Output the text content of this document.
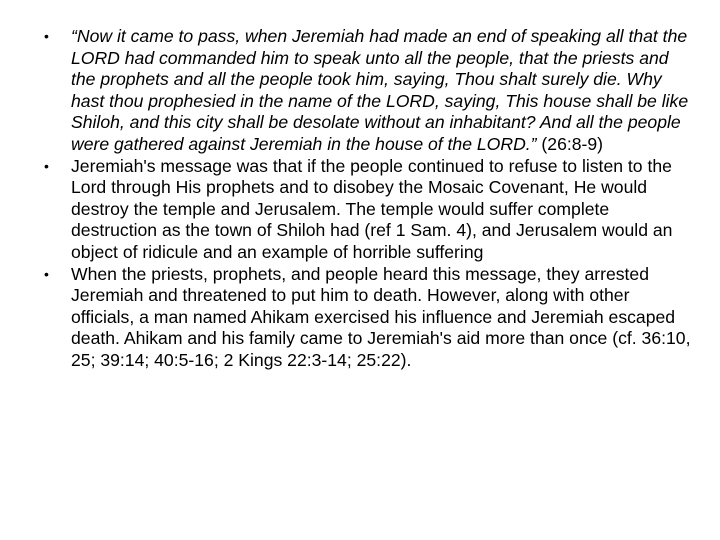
• “Now it came to pass, when Jeremiah had made an end of speaking all that the LORD had commanded him to speak unto all the people, that the priests and the prophets and all the people took him, saying, Thou shalt surely die. Why hast thou prophesied in the name of the LORD, saying, This house shall be like Shiloh, and this city shall be desolate without an inhabitant? And all the people were gathered against Jeremiah in the house of the LORD.” (26:8-9)
• Jeremiah's message was that if the people continued to refuse to listen to the Lord through His prophets and to disobey the Mosaic Covenant, He would destroy the temple and Jerusalem. The temple would suffer complete destruction as the town of Shiloh had (ref 1 Sam. 4), and Jerusalem would an object of ridicule and an example of horrible suffering
• When the priests, prophets, and people heard this message, they arrested Jeremiah and threatened to put him to death. However, along with other officials, a man named Ahikam exercised his influence and Jeremiah escaped death. Ahikam and his family came to Jeremiah's aid more than once (cf. 36:10, 25; 39:14; 40:5-16; 2 Kings 22:3-14; 25:22).
